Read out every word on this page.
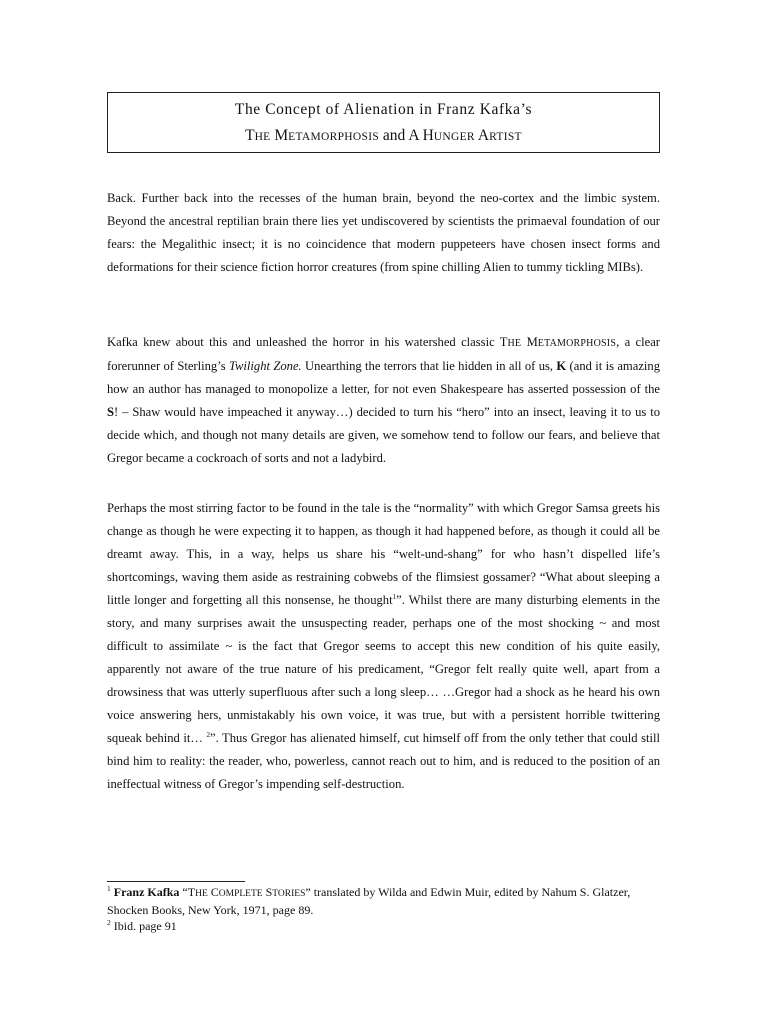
The Concept of Alienation in Franz Kafka’s
THE METAMORPHOSIS and A HUNGER ARTIST

Back. Further back into the recesses of the human brain, beyond the neo-cortex and the limbic system. Beyond the ancestral reptilian brain there lies yet undiscovered by scientists the primaeval foundation of our fears: the Megalithic insect; it is no coincidence that modern puppeteers have chosen insect forms and deformations for their science fiction horror creatures (from spine chilling Alien to tummy tickling MIBs).

Kafka knew about this and unleashed the horror in his watershed classic THE METAMORPHOSIS, a clear forerunner of Sterling’s Twilight Zone. Unearthing the terrors that lie hidden in all of us, K (and it is amazing how an author has managed to monopolize a letter, for not even Shakespeare has asserted possession of the S! – Shaw would have impeached it anyway…) decided to turn his “hero” into an insect, leaving it to us to decide which, and though not many details are given, we somehow tend to follow our fears, and believe that Gregor became a cockroach of sorts and not a ladybird.

Perhaps the most stirring factor to be found in the tale is the “normality” with which Gregor Samsa greets his change as though he were expecting it to happen, as though it had happened before, as though it could all be dreamt away. This, in a way, helps us share his “welt-und-shang” for who hasn’t dispelled life’s shortcomings, waving them aside as restraining cobwebs of the flimsiest gossamer? “What about sleeping a little longer and forgetting all this nonsense, he thought$^1$”. Whilst there are many disturbing elements in the story, and many surprises await the unsuspecting reader, perhaps one of the most shocking ~ and most difficult to assimilate ~ is the fact that Gregor seems to accept this new condition of his quite easily, apparently not aware of the true nature of his predicament, “Gregor felt really quite well, apart from a drowsiness that was utterly superfluous after such a long sleep… …Gregor had a shock as he heard his own voice answering hers, unmistakably his own voice, it was true, but with a persistent horrible twittering squeak behind it… $^2$”. Thus Gregor has alienated himself, cut himself off from the only tether that could still bind him to reality: the reader, who, powerless, cannot reach out to him, and is reduced to the position of an ineffectual witness of Gregor’s impending self-destruction.

$^1$ Franz Kafka “THE COMPLETE STORIES” translated by Wilda and Edwin Muir, edited by Nahum S. Glatzer, Shocken Books, New York, 1971, page 89.

$^2$ Ibid. page 91
